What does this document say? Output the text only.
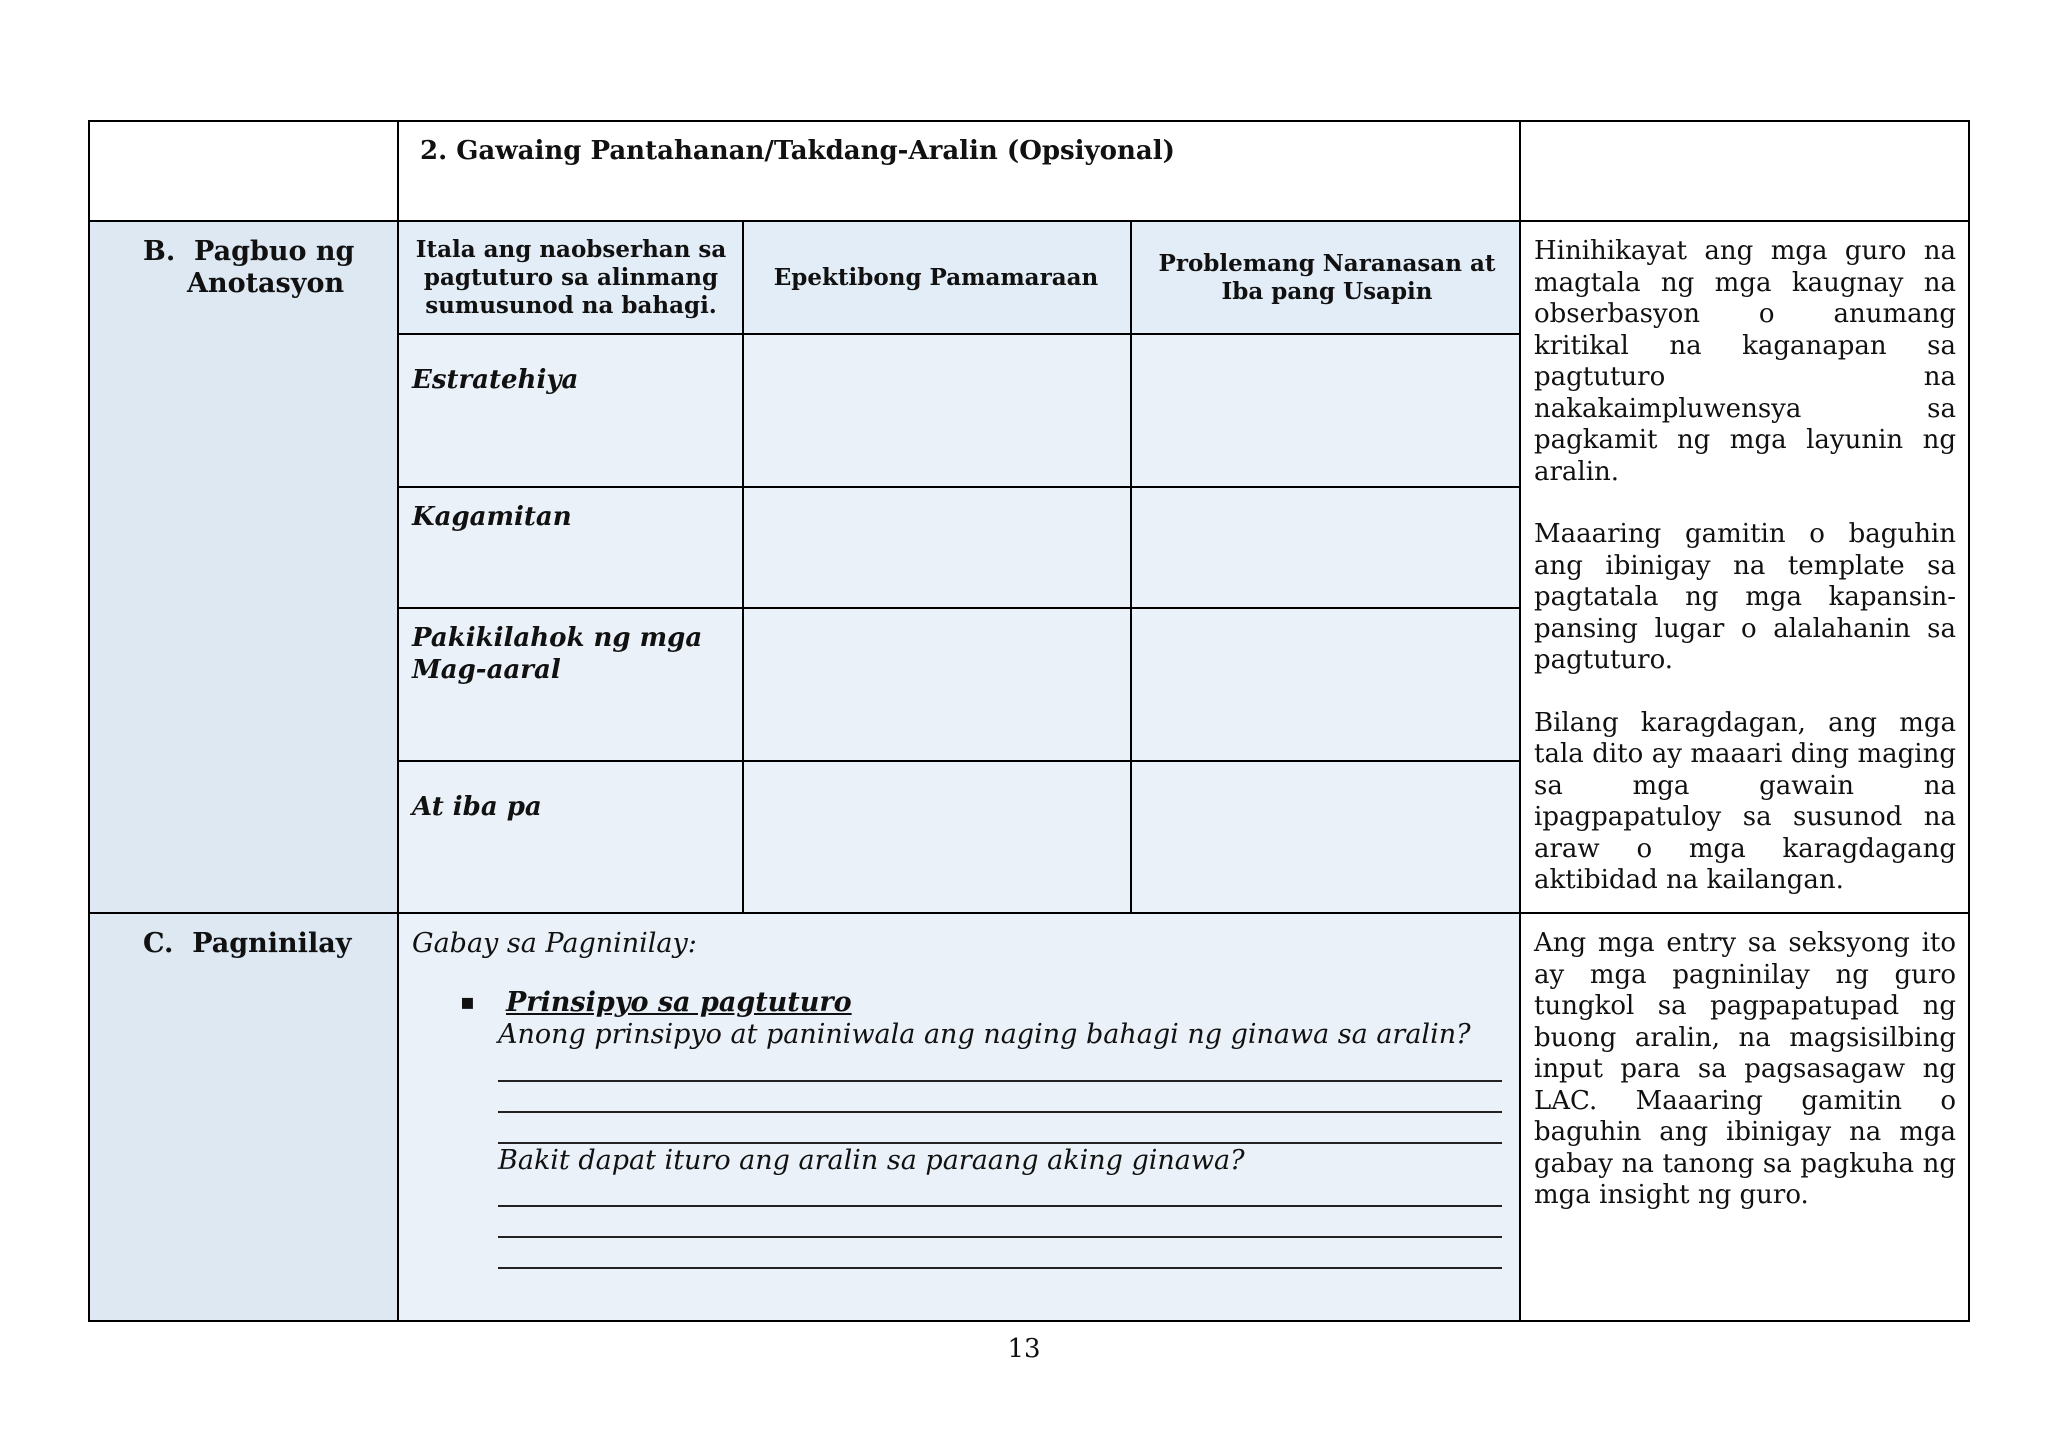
2. Gawaing Pantahanan/Takdang-Aralin (Opsiyonal)
B.  Pagbuo ng
Anotasyon
Itala ang naobserhan sa pagtuturo sa alinmang sumusunod na bahagi.
Epektibong Pamamaraan
Problemang Naranasan at Iba pang Usapin
Estratehiya
Kagamitan
Pakikilahok ng mga Mag-aaral
At iba pa

Hinihikayat ang mga guro na magtala ng mga kaugnay na obserbasyon o anumang kritikal na kaganapan sa pagtuturo na nakakaimpluwensya sa pagkamit ng mga layunin ng aralin.

Maaaring gamitin o baguhin ang ibinigay na template sa pagtatala ng mga kapansin-pansing lugar o alalahanin sa pagtuturo.

Bilang karagdagan, ang mga tala dito ay maaari ding maging sa mga gawain na ipagpapatuloy sa susunod na araw o mga karagdagang aktibidad na kailangan.

C.  Pagninilay Gabay sa Pagninilay:
▪ Prinsipyo sa pagtuturo
Anong prinsipyo at paniniwala ang naging bahagi ng ginawa sa aralin?
Bakit dapat ituro ang aralin sa paraang aking ginawa?
Ang mga entry sa seksyong ito ay mga pagninilay ng guro tungkol sa pagpapatupad ng buong aralin, na magsisilbing input para sa pagsasagaw ng LAC. Maaaring gamitin o baguhin ang ibinigay na mga gabay na tanong sa pagkuha ng mga insight ng guro.
13
